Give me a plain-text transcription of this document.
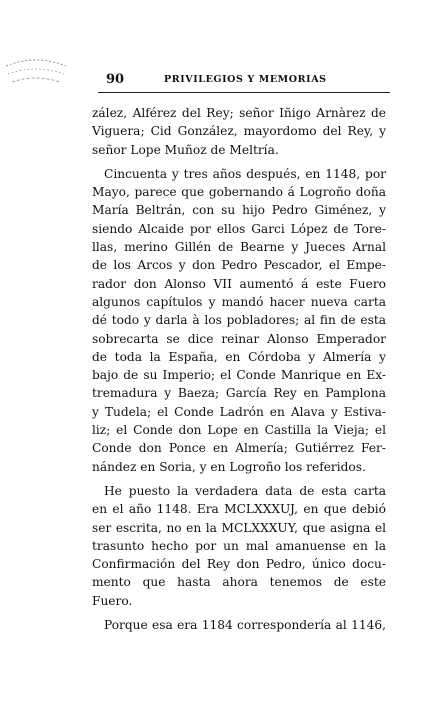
90	PRIVILEGIOS Y MEMORIAS
zález, Alférez del Rey; señor Iñigo Arnàrez de
Viguera; Cid González, mayordomo del Rey, y
señor Lope Muñoz de Meltría.
Cincuenta y tres años después, en 1148, por
Mayo, parece que gobernando á Logroño doña
María Beltrán, con su hijo Pedro Giménez, y
siendo Alcaide por ellos Garci López de Tore-
llas, merino Gillén de Bearne y Jueces Arnal
de los Arcos y don Pedro Pescador, el Empe-
rador don Alonso VII aumentó á este Fuero
algunos capítulos y mandó hacer nueva carta
dé todo y darla à los pobladores; al fin de esta
sobrecarta se dice reinar Alonso Emperador
de toda la España, en Córdoba y Almería y
bajo de su Imperio; el Conde Manrique en Ex-
tremadura y Baeza; García Rey en Pamplona
y Tudela; el Conde Ladrón en Alava y Estiva-
liz; el Conde don Lope en Castilla la Vieja; el
Conde don Ponce en Almería; Gutiérrez Fer-
nández en Soria, y en Logroño los referidos.
He puesto la verdadera data de esta carta
en el año 1148. Era MCLXXXUJ, en que debió
ser escrita, no en la MCLXXXUY, que asigna el
trasunto hecho por un mal amanuense en la
Confirmación del Rey don Pedro, único docu-
mento que hasta ahora tenemos de este
Fuero.
Porque esa era 1184 correspondería al 1146,
